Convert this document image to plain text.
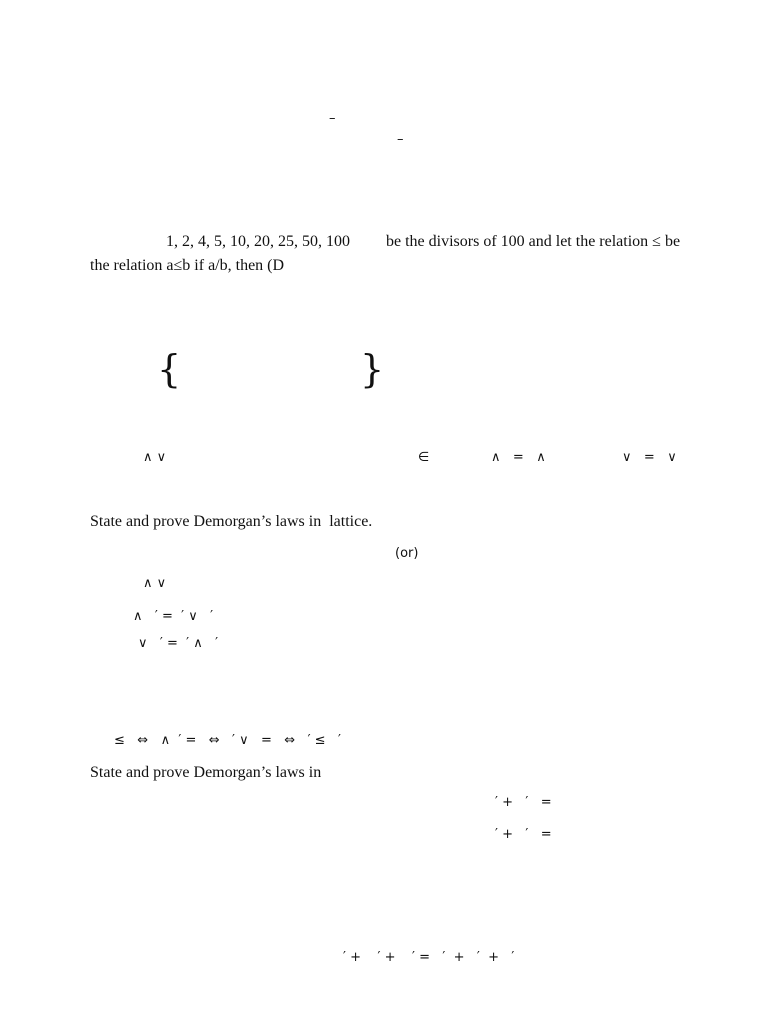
–
–
1, 2, 4, 5, 10, 20, 25, 50, 100 be the divisors of 100 and let the relation ≤ be
the relation a≤b if a/b, then (D
{	}
∧ ∨	∈	∧   =   ∧	∨   =   ∨
State and prove Demorgan’s laws in  lattice.
(or)
∧ ∨
∧   ′ =  ′ ∨   ′
∨   ′ =  ′ ∧   ′
≤   ⇔   ∧  ′ =   ⇔   ′ ∨   =   ⇔   ′ ≤   ′
State and prove Demorgan’s laws in
′ +   ′   =
′ +   ′   =
′ +    ′ +    ′ =   ′  +   ′  +   ′
